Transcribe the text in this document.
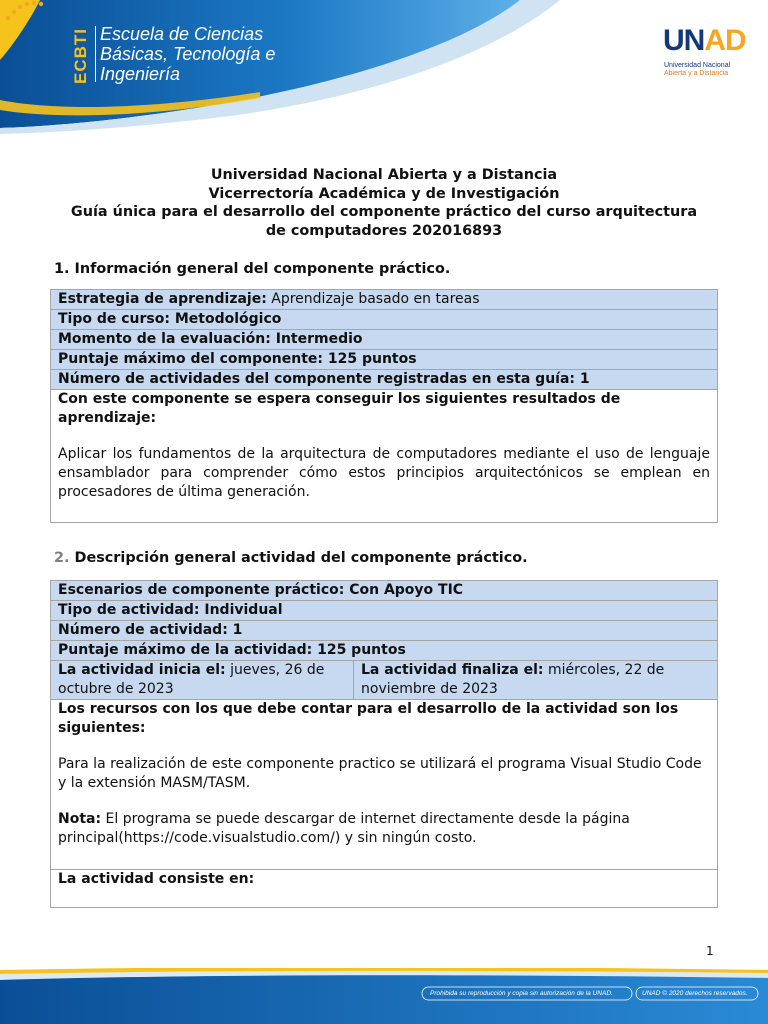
ECBTI Escuela de Ciencias
Básicas, Tecnología e
Ingeniería
UNAD
Universidad Nacional
Abierta y a Distancia
Universidad Nacional Abierta y a Distancia
Vicerrectoría Académica y de Investigación
Guía única para el desarrollo del componente práctico del curso arquitectura
de computadores 202016893
1. Información general del componente práctico.
Estrategia de aprendizaje: Aprendizaje basado en tareas
Tipo de curso: Metodológico
Momento de la evaluación: Intermedio
Puntaje máximo del componente: 125 puntos
Número de actividades del componente registradas en esta guía: 1

Con este componente se espera conseguir los siguientes resultados de aprendizaje:

Aplicar los fundamentos de la arquitectura de computadores mediante el uso de lenguaje ensamblador para comprender cómo estos principios arquitectónicos se emplean en procesadores de última generación.

2. Descripción general actividad del componente práctico.
Escenarios de componente práctico: Con Apoyo TIC
Tipo de actividad: Individual
Número de actividad: 1
Puntaje máximo de la actividad: 125 puntos
La actividad inicia el: jueves, 26 de octubre de 2023
La actividad finaliza el: miércoles, 22 de noviembre de 2023

Los recursos con los que debe contar para el desarrollo de la actividad son los siguientes:

Para la realización de este componente practico se utilizará el programa Visual Studio Code y la extensión MASM/TASM.

Nota: El programa se puede descargar de internet directamente desde la página principal(https://code.visualstudio.com/) y sin ningún costo.

La actividad consiste en:
1
Prohibida su reproducción y copia sin autorización de la UNAD.	UNAD © 2020 derechos reservados.
